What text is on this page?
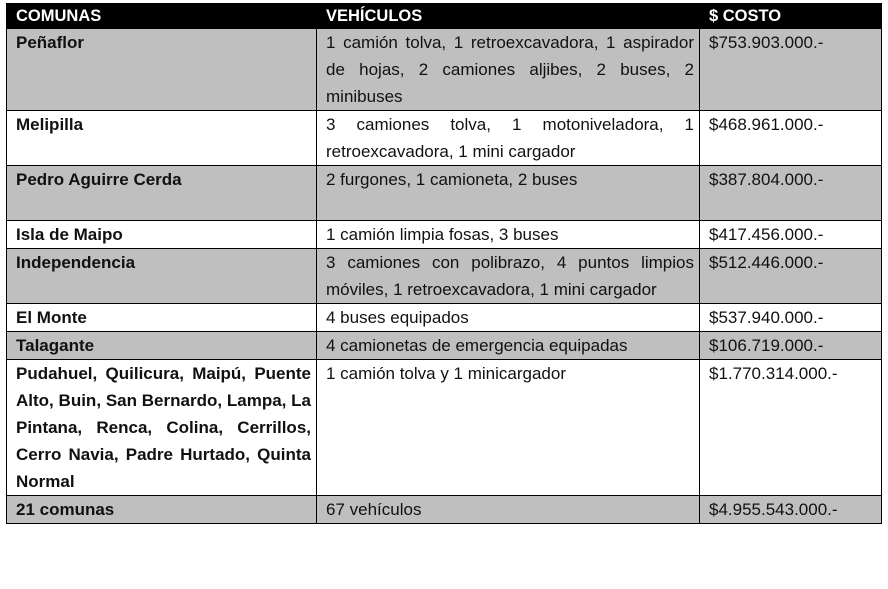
COMUNAS	VEHÍCULOS	$ COSTO
Peñaflor	1 camión tolva, 1 retroexcavadora, 1 aspirador de hojas, 2 camiones aljibes, 2 buses, 2 minibuses	$753.903.000.-
Melipilla	3 camiones tolva, 1 motoniveladora, 1 retroexcavadora, 1 mini cargador	$468.961.000.-
Pedro Aguirre Cerda	2 furgones, 1 camioneta, 2 buses	$387.804.000.-
Isla de Maipo	1 camión limpia fosas, 3 buses	$417.456.000.-
Independencia	3 camiones con polibrazo, 4 puntos limpios móviles, 1 retroexcavadora, 1 mini cargador	$512.446.000.-
El Monte	4 buses equipados	$537.940.000.-
Talagante	4 camionetas de emergencia equipadas	$106.719.000.-
Pudahuel, Quilicura, Maipú, Puente Alto, Buin, San Bernardo, Lampa, La Pintana, Renca, Colina, Cerrillos, Cerro Navia, Padre Hurtado, Quinta Normal	1 camión tolva y 1 minicargador	$1.770.314.000.-
21 comunas	67 vehículos	$4.955.543.000.-
